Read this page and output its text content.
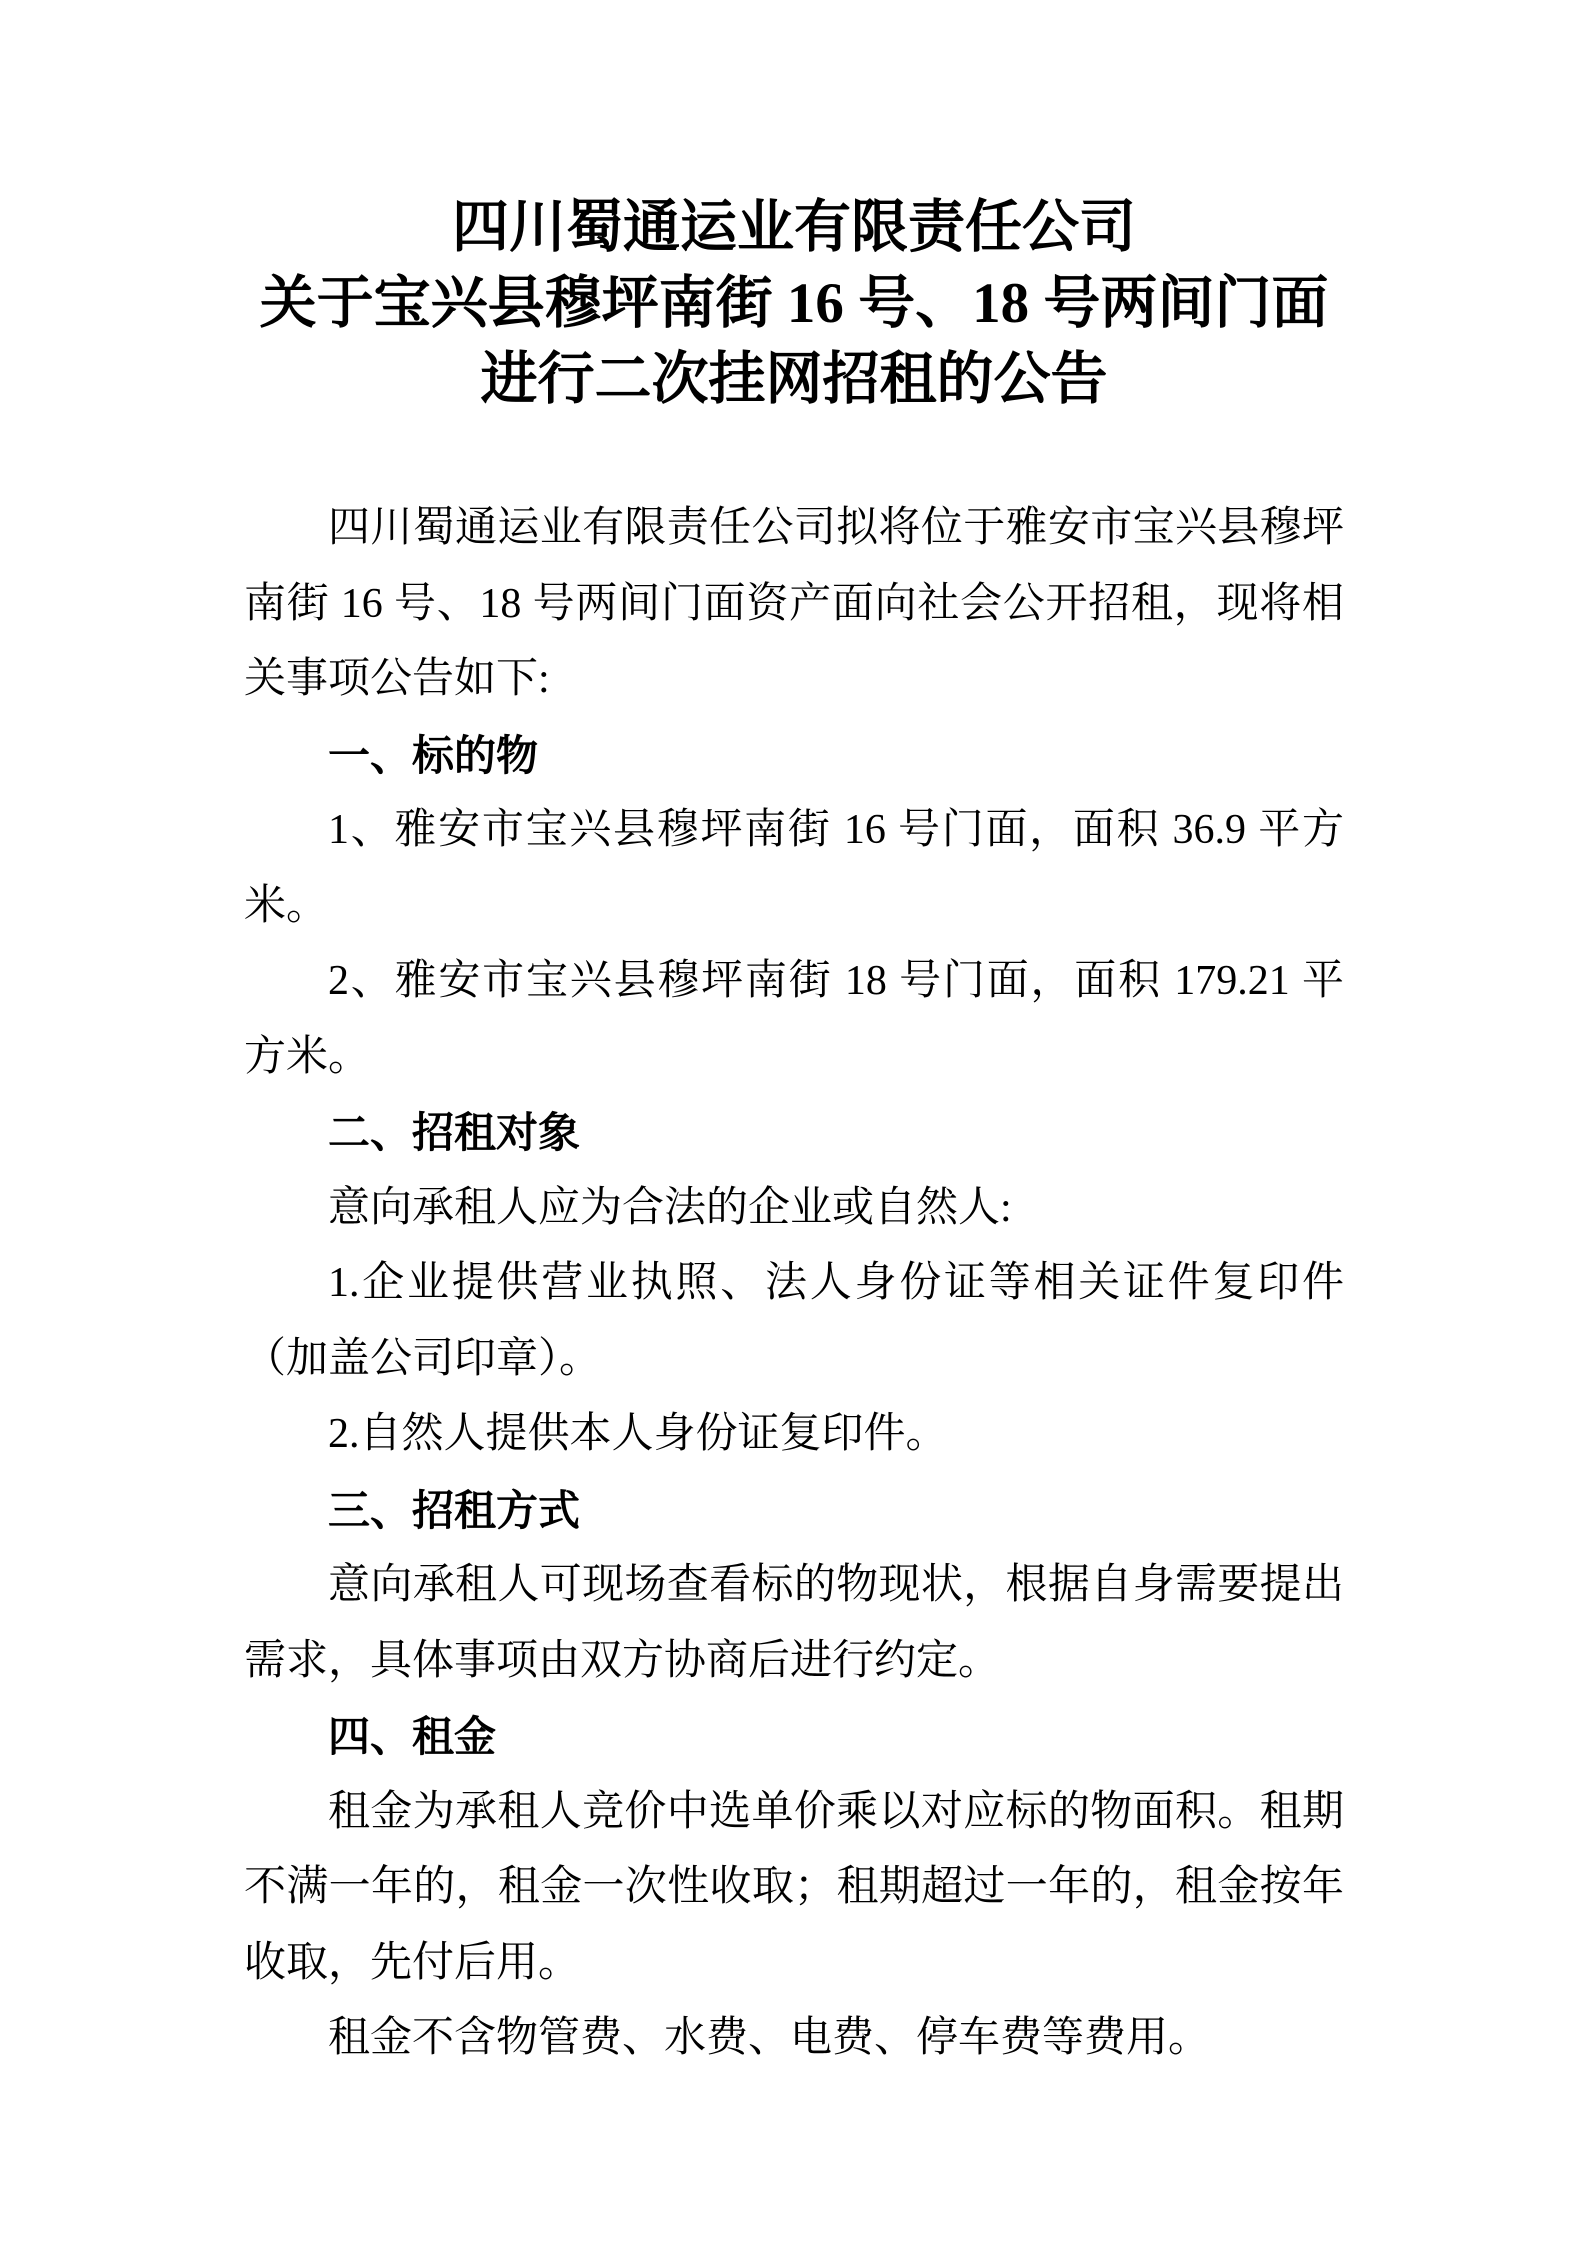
四川蜀通运业有限责任公司
关于宝兴县穆坪南街 16 号、18 号两间门面
进行二次挂网招租的公告

四川蜀通运业有限责任公司拟将位于雅安市宝兴县穆坪南街 16 号、18 号两间门面资产面向社会公开招租，现将相关事项公告如下:

一、标的物

1、雅安市宝兴县穆坪南街 16 号门面，面积 36.9 平方米。

2、雅安市宝兴县穆坪南街 18 号门面，面积 179.21 平方米。

二、招租对象

意向承租人应为合法的企业或自然人:

1.企业提供营业执照、法人身份证等相关证件复印件（加盖公司印章）。

2.自然人提供本人身份证复印件。

三、招租方式

意向承租人可现场查看标的物现状，根据自身需要提出需求，具体事项由双方协商后进行约定。

四、租金

租金为承租人竞价中选单价乘以对应标的物面积。租期不满一年的，租金一次性收取；租期超过一年的，租金按年收取，先付后用。

租金不含物管费、水费、电费、停车费等费用。
